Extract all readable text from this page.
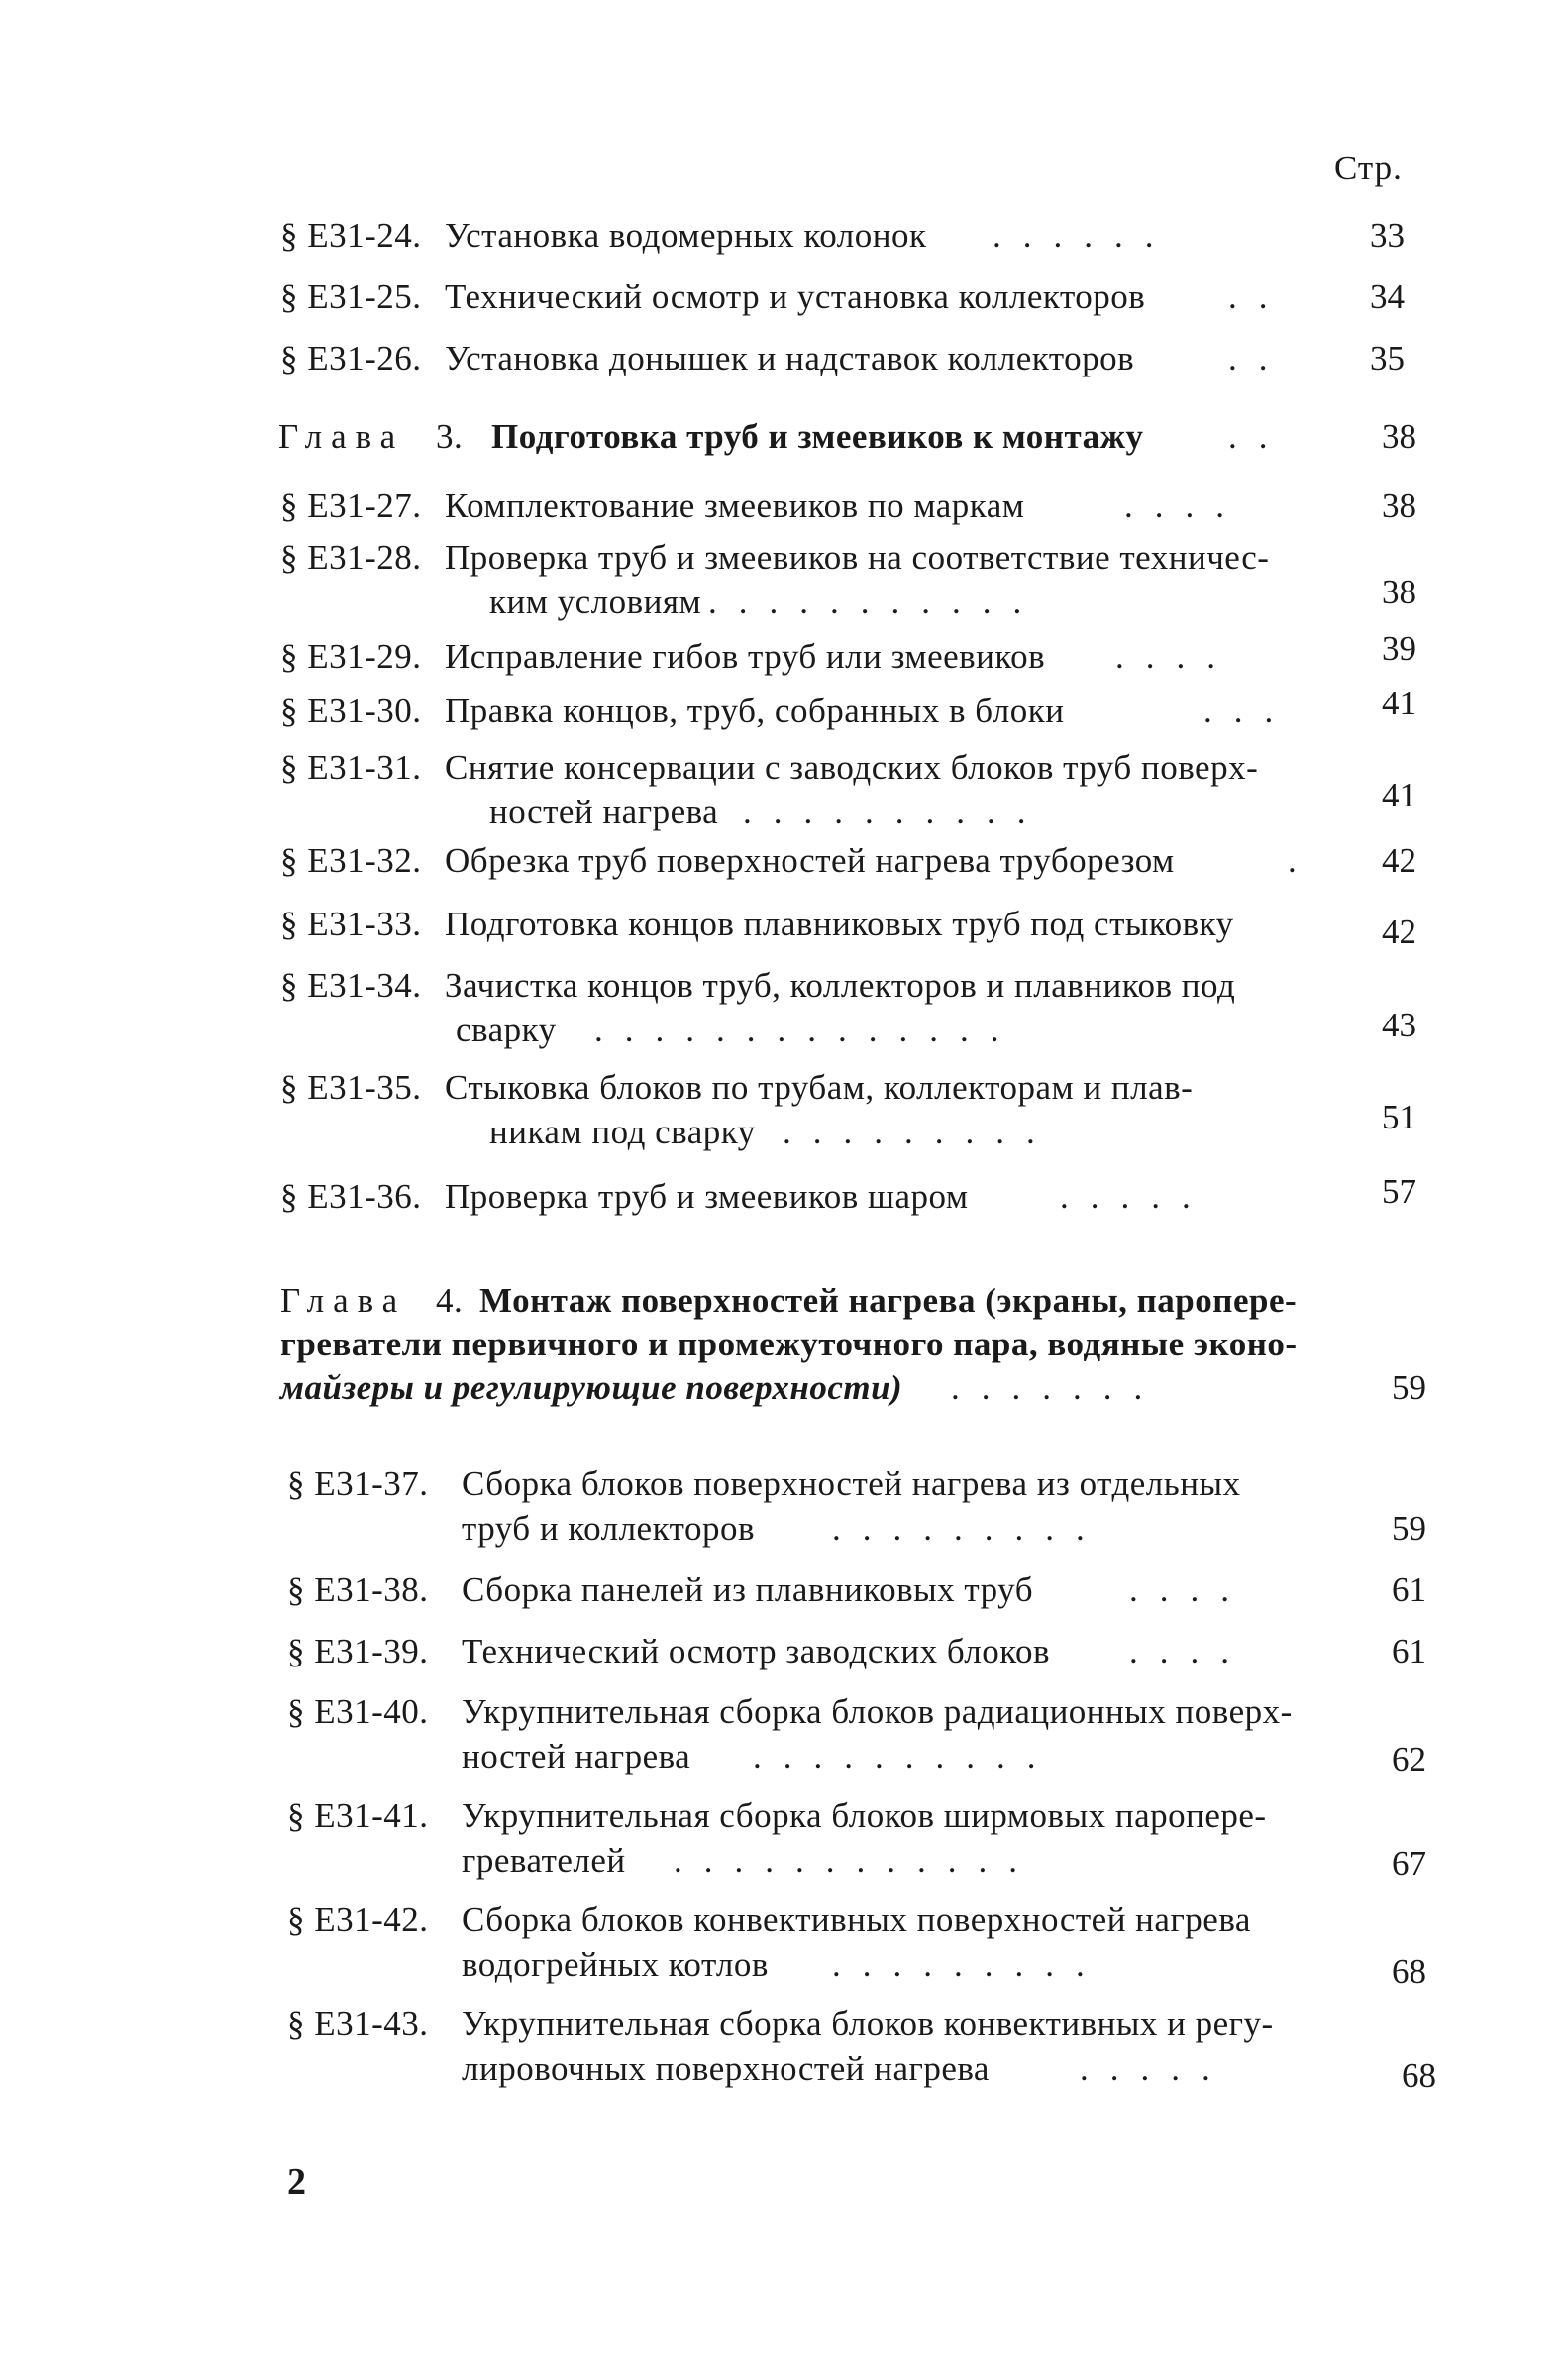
Стр.
§ Е31-24. Установка водомерных колонок ......	33
§ Е31-25. Технический осмотр и установка коллекторов ..	34
§ Е31-26. Установка донышек и надставок коллекторов	..	35
Глава 3. Подготовка труб и змеевиков к монтажу ..	38
§ Е31-27. Комплектование змеевиков по маркам	....	38
§ Е31-28. Проверка труб и змеевиков на соответствие техничес-
ким условиям ...........	38
§ Е31-29. Исправление гибов труб или змеевиков ....	39
§ Е31-30. Правка концов, труб, собранных в блоки	...	41
§ Е31-31. Снятие консервации с заводских блоков труб поверх-
ностей нагрева ..........	41
§ Е31-32. Обрезка труб поверхностей нагрева труборезом	.	42
§ Е31-33. Подготовка концов плавниковых труб под стыковку	42
§ Е31-34. Зачистка концов труб, коллекторов и плавников под
сварку ..............	43
§ Е31-35. Стыковка блоков по трубам, коллекторам и плав-
никам под сварку .........	51
§ Е31-36. Проверка труб и змеевиков шаром	.....	57
Глава 4. Монтаж поверхностей нагрева (экраны, паропере-
греватели первичного и промежуточного пара, водяные эконо-
майзеры и регулирующие поверхности) .......	59
§ Е31-37. Сборка блоков поверхностей нагрева из отдельных
труб и коллекторов .........	59
§ Е31-38. Сборка панелей из плавниковых труб	....	61
§ Е31-39. Технический осмотр заводских блоков ....	61
§ Е31-40. Укрупнительная сборка блоков радиационных поверх-
ностей нагрева ..........	62
§ Е31-41. Укрупнительная сборка блоков ширмовых паропере-
гревателей ............	67
§ Е31-42. Сборка блоков конвективных поверхностей нагрева
водогрейных котлов .........	68
§ Е31-43. Укрупнительная сборка блоков конвективных и регу-
лировочных поверхностей нагрева	.....	68
2
